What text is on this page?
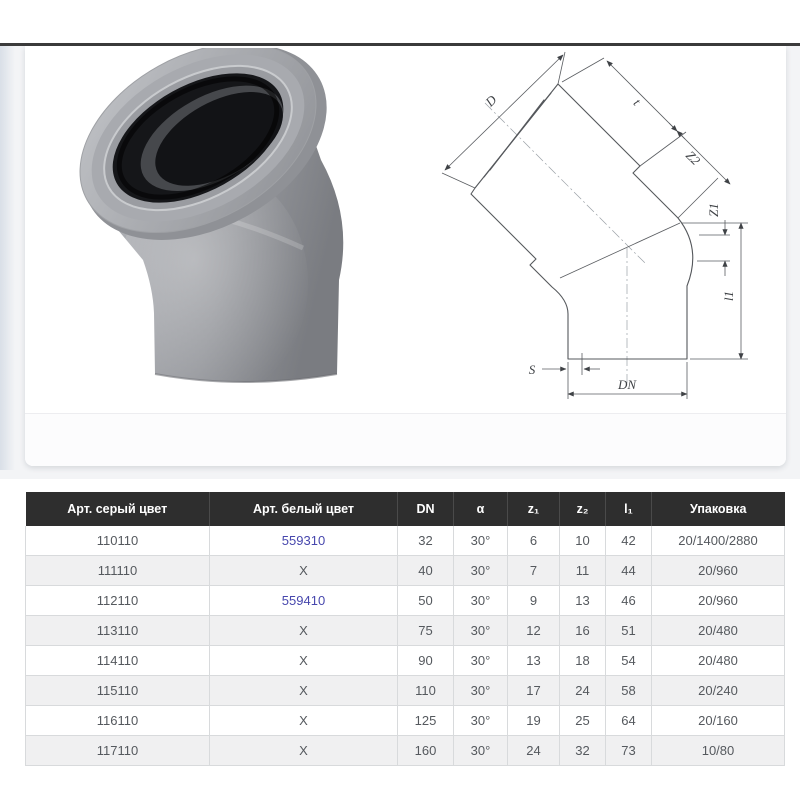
D	t
Z2
Z1
l1
S
DN
Арт. серый цвет	Арт. белый цвет	DN	α	z₁	z₂	l₁	Упаковка
110110	559310	32	30°	6	10	42	20/1400/2880
111110	X	40	30°	7	11	44	20/960
112110	559410	50	30°	9	13	46	20/960
113110	X	75	30°	12	16	51	20/480
114110	X	90	30°	13	18	54	20/480
115110	X	110	30°	17	24	58	20/240
116110	X	125	30°	19	25	64	20/160
117110	X	160	30°	24	32	73	10/80
